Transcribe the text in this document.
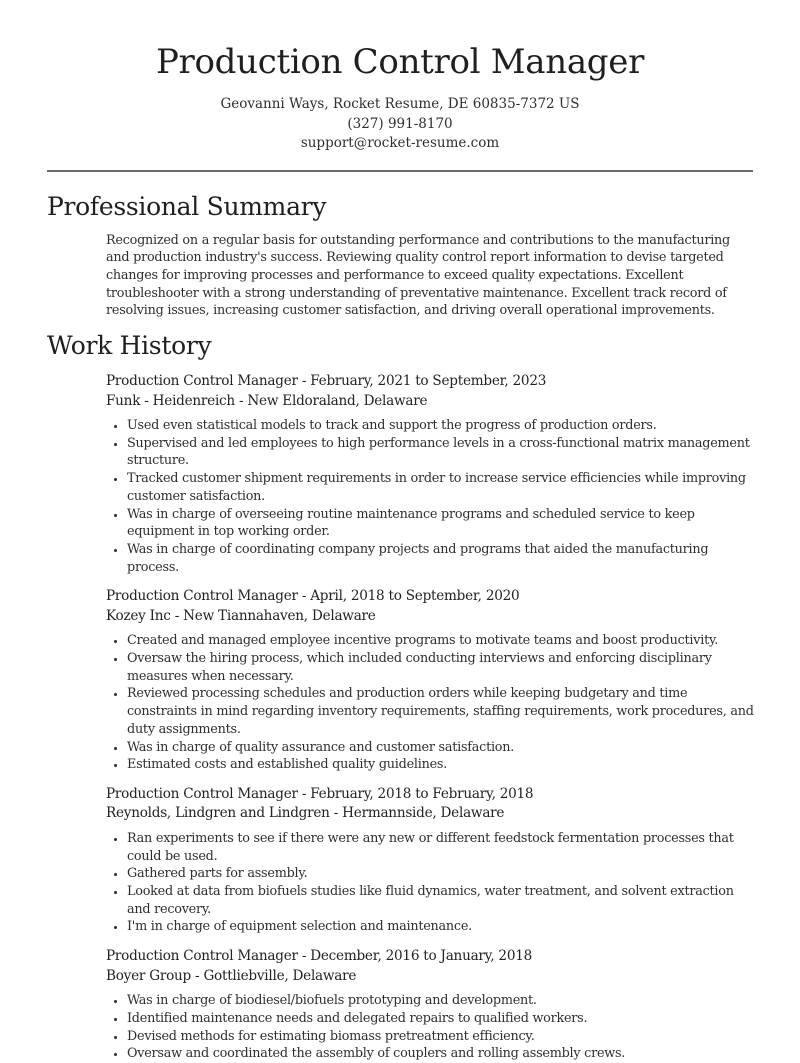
Production Control Manager
Geovanni Ways, Rocket Resume, DE 60835-7372 US
(327) 991-8170
support@rocket-resume.com
Professional Summary

Recognized on a regular basis for outstanding performance and contributions to the manufacturing and production industry's success. Reviewing quality control report information to devise targeted changes for improving processes and performance to exceed quality expectations. Excellent troubleshooter with a strong understanding of preventative maintenance. Excellent track record of resolving issues, increasing customer satisfaction, and driving overall operational improvements.

Work History
Production Control Manager - February, 2021 to September, 2023
Funk - Heidenreich - New Eldoraland, Delaware
• Used even statistical models to track and support the progress of production orders.
• Supervised and led employees to high performance levels in a cross-functional matrix management structure.
• Tracked customer shipment requirements in order to increase service efficiencies while improving customer satisfaction.
• Was in charge of overseeing routine maintenance programs and scheduled service to keep equipment in top working order.
• Was in charge of coordinating company projects and programs that aided the manufacturing process.
Production Control Manager - April, 2018 to September, 2020
Kozey Inc - New Tiannahaven, Delaware
• Created and managed employee incentive programs to motivate teams and boost productivity.
• Oversaw the hiring process, which included conducting interviews and enforcing disciplinary measures when necessary.
• Reviewed processing schedules and production orders while keeping budgetary and time constraints in mind regarding inventory requirements, staffing requirements, work procedures, and duty assignments.
• Was in charge of quality assurance and customer satisfaction.
• Estimated costs and established quality guidelines.
Production Control Manager - February, 2018 to February, 2018
Reynolds, Lindgren and Lindgren - Hermannside, Delaware
• Ran experiments to see if there were any new or different feedstock fermentation processes that could be used.
• Gathered parts for assembly.
• Looked at data from biofuels studies like fluid dynamics, water treatment, and solvent extraction and recovery.
• I'm in charge of equipment selection and maintenance.
Production Control Manager - December, 2016 to January, 2018
Boyer Group - Gottliebville, Delaware
• Was in charge of biodiesel/biofuels prototyping and development.
• Identified maintenance needs and delegated repairs to qualified workers.
• Devised methods for estimating biomass pretreatment efficiency.
• Oversaw and coordinated the assembly of couplers and rolling assembly crews.
